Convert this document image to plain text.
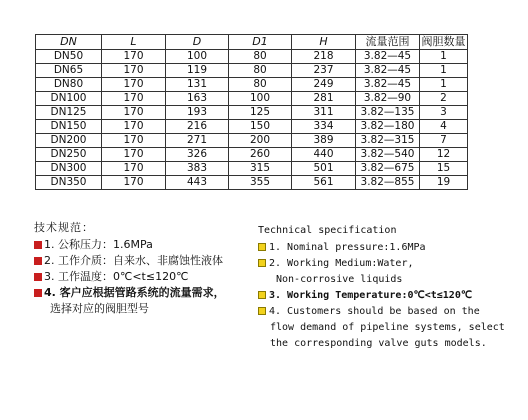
DN	L	D	D1	H	流量范围	阀胆数量
DN50	170	100	80	218	3.82—45	1
DN65	170	119	80	237	3.82—45	1
DN80	170	131	80	249	3.82—45	1
DN100	170	163	100	281	3.82—90	2
DN125	170	193	125	311	3.82—135	3
DN150	170	216	150	334	3.82—180	4
DN200	170	271	200	389	3.82—315	7
DN250	170	326	260	440	3.82—540	12
DN300	170	383	315	501	3.82—675	15
DN350	170	443	355	561	3.82—855	19
技术规范：
1. 公称压力：1.6MPa
2. 工作介质：自来水、非腐蚀性液体
3. 工作温度：0℃<t≤120℃
4. 客户应根据管路系统的流量需求，
选择对应的阀胆型号
Technical specification
1. Nominal pressure:1.6MPa
2. Working Medium:Water,
Non-corrosive liquids
3. Working Temperature:0℃<t≤120℃
4. Customers should be based on the
flow demand of pipeline systems, select
the corresponding valve guts models.
